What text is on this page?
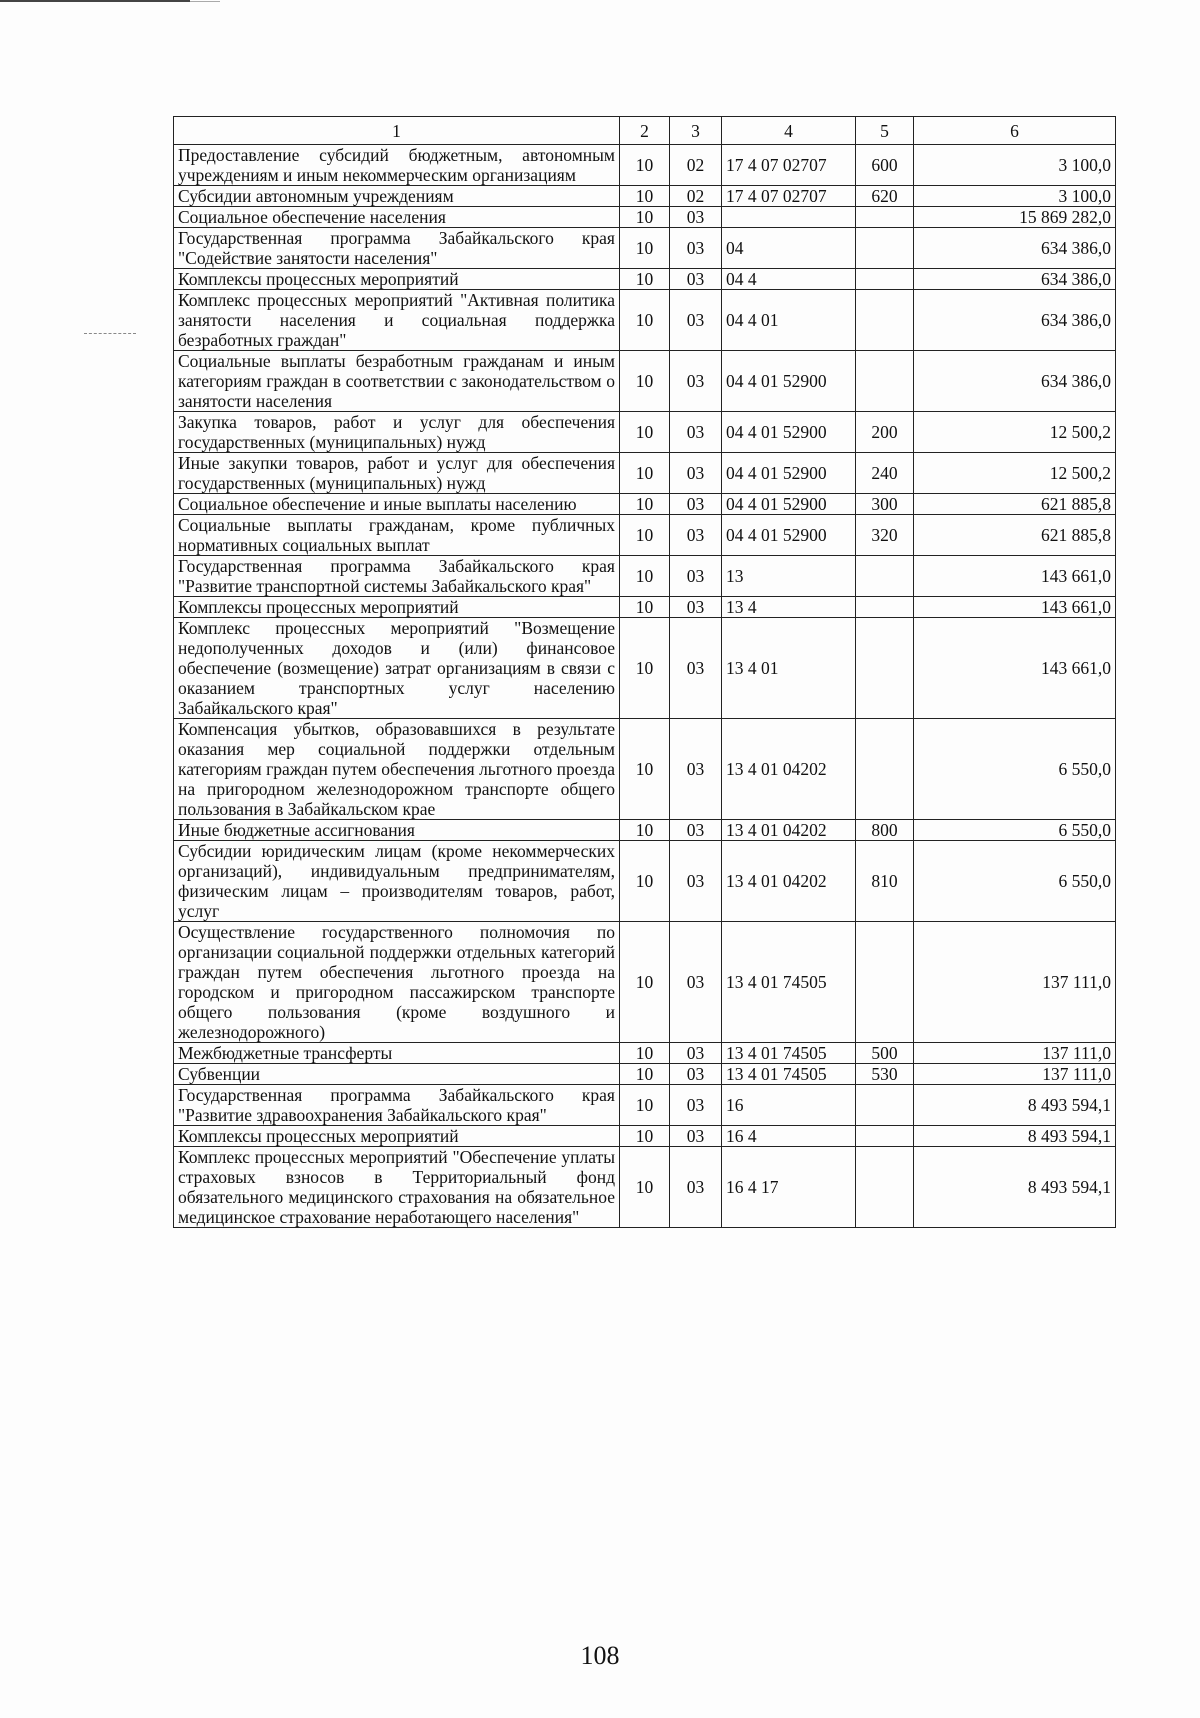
1	2	3	4	5	6
Предоставление субсидий бюджетным, автономным учреждениям и иным некоммерческим организациям	10	02	17 4 07 02707	600	3 100,0
Субсидии автономным учреждениям	10	02	17 4 07 02707	620	3 100,0
Социальное обеспечение населения	10	03			15 869 282,0
Государственная программа Забайкальского края "Содействие занятости населения"	10	03	04		634 386,0
Комплексы процессных мероприятий	10	03	04 4		634 386,0
Комплекс процессных мероприятий "Активная политика занятости населения и социальная поддержка безработных граждан"	10	03	04 4 01		634 386,0
Социальные выплаты безработным гражданам и иным категориям граждан в соответствии с законодательством о занятости населения	10	03	04 4 01 52900		634 386,0
Закупка товаров, работ и услуг для обеспечения государственных (муниципальных) нужд	10	03	04 4 01 52900	200	12 500,2
Иные закупки товаров, работ и услуг для обеспечения государственных (муниципальных) нужд	10	03	04 4 01 52900	240	12 500,2
Социальное обеспечение и иные выплаты населению	10	03	04 4 01 52900	300	621 885,8
Социальные выплаты гражданам, кроме публичных нормативных социальных выплат	10	03	04 4 01 52900	320	621 885,8
Государственная программа Забайкальского края "Развитие транспортной системы Забайкальского края"	10	03	13		143 661,0
Комплексы процессных мероприятий	10	03	13 4		143 661,0
Комплекс процессных мероприятий "Возмещение недополученных доходов и (или) финансовое обеспечение (возмещение) затрат организациям в связи с оказанием транспортных услуг населению Забайкальского края"	10	03	13 4 01		143 661,0
Компенсация убытков, образовавшихся в результате оказания мер социальной поддержки отдельным категориям граждан путем обеспечения льготного проезда на пригородном железнодорожном транспорте общего пользования в Забайкальском крае	10	03	13 4 01 04202		6 550,0
Иные бюджетные ассигнования	10	03	13 4 01 04202	800	6 550,0
Субсидии юридическим лицам (кроме некоммерческих организаций), индивидуальным предпринимателям, физическим лицам – производителям товаров, работ, услуг	10	03	13 4 01 04202	810	6 550,0
Осуществление государственного полномочия по организации социальной поддержки отдельных категорий граждан путем обеспечения льготного проезда на городском и пригородном пассажирском транспорте общего пользования (кроме воздушного и железнодорожного)	10	03	13 4 01 74505		137 111,0
Межбюджетные трансферты	10	03	13 4 01 74505	500	137 111,0
Субвенции	10	03	13 4 01 74505	530	137 111,0
Государственная программа Забайкальского края "Развитие здравоохранения Забайкальского края"	10	03	16		8 493 594,1
Комплексы процессных мероприятий	10	03	16 4		8 493 594,1
Комплекс процессных мероприятий "Обеспечение уплаты страховых взносов в Территориальный фонд обязательного медицинского страхования на обязательное медицинское страхование неработающего населения"	10	03	16 4 17		8 493 594,1
108
